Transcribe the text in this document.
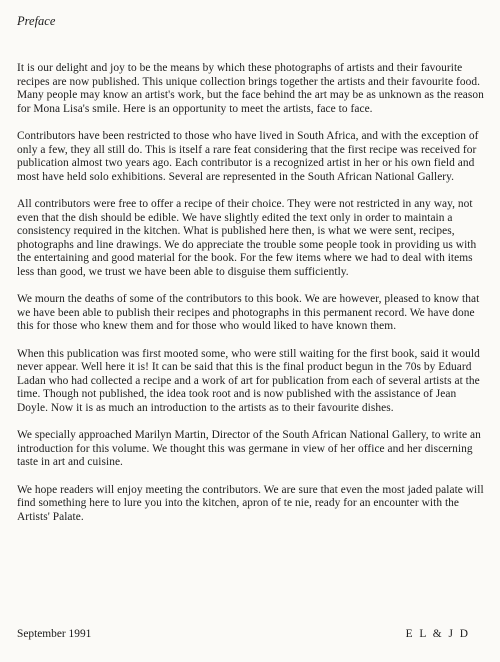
Preface

It is our delight and joy to be the means by which these photographs of artists and their favourite recipes are now published. This unique collection brings together the artists and their favourite food. Many people may know an artist's work, but the face behind the art may be as unknown as the reason for Mona Lisa's smile. Here is an opportunity to meet the artists, face to face.

Contributors have been restricted to those who have lived in South Africa, and with the exception of only a few, they all still do. This is itself a rare feat considering that the first recipe was received for publication almost two years ago. Each contributor is a recognized artist in her or his own field and most have held solo exhibitions. Several are represented in the South African National Gallery.

All contributors were free to offer a recipe of their choice. They were not restricted in any way, not even that the dish should be edible. We have slightly edited the text only in order to maintain a consistency required in the kitchen. What is published here then, is what we were sent, recipes, photographs and line drawings. We do appreciate the trouble some people took in providing us with the entertaining and good material for the book. For the few items where we had to deal with items less than good, we trust we have been able to disguise them sufficiently.

We mourn the deaths of some of the contributors to this book. We are however, pleased to know that we have been able to publish their recipes and photographs in this permanent record. We have done this for those who knew them and for those who would liked to have known them.

When this publication was first mooted some, who were still waiting for the first book, said it would never appear. Well here it is! It can be said that this is the final product begun in the 70s by Eduard Ladan who had collected a recipe and a work of art for publication from each of several artists at the time. Though not published, the idea took root and is now published with the assistance of Jean Doyle. Now it is as much an introduction to the artists as to their favourite dishes.

We specially approached Marilyn Martin, Director of the South African National Gallery, to write an introduction for this volume. We thought this was germane in view of her office and her discerning taste in art and cuisine.

We hope readers will enjoy meeting the contributors. We are sure that even the most jaded palate will find something here to lure you into the kitchen, apron of te nie, ready for an encounter with the Artists' Palate.

September 1991	E L & J D
